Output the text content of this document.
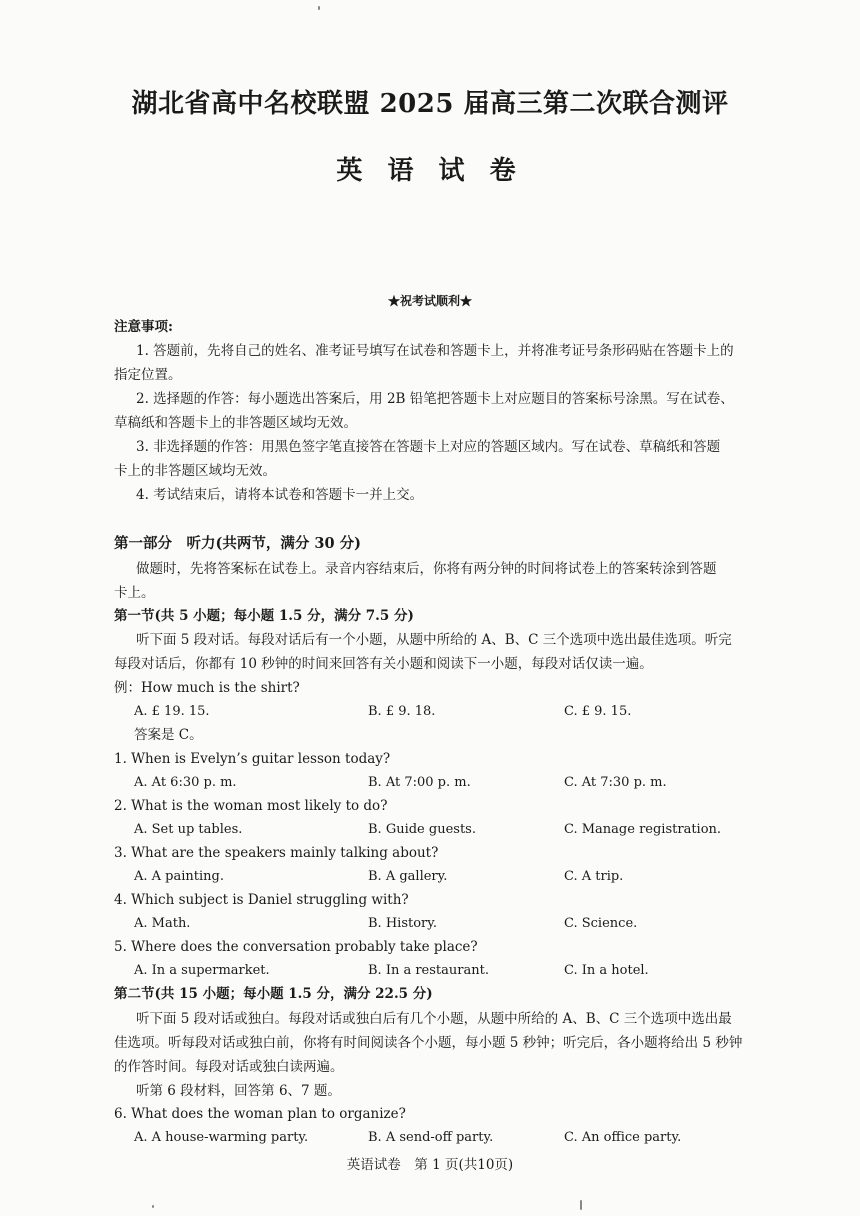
湖北省高中名校联盟 2025 届高三第二次联合测评
英 语 试 卷
★祝考试顺利★
注意事项:
1. 答题前，先将自己的姓名、准考证号填写在试卷和答题卡上，并将准考证号条形码贴在答题卡上的
指定位置。
2. 选择题的作答：每小题选出答案后，用 2B 铅笔把答题卡上对应题目的答案标号涂黑。写在试卷、
草稿纸和答题卡上的非答题区域均无效。
3. 非选择题的作答：用黑色签字笔直接答在答题卡上对应的答题区域内。写在试卷、草稿纸和答题
卡上的非答题区域均无效。
4. 考试结束后，请将本试卷和答题卡一并上交。
第一部分　听力(共两节，满分 30 分)
做题时，先将答案标在试卷上。录音内容结束后，你将有两分钟的时间将试卷上的答案转涂到答题
卡上。
第一节(共 5 小题；每小题 1.5 分，满分 7.5 分)
听下面 5 段对话。每段对话后有一个小题，从题中所给的 A、B、C 三个选项中选出最佳选项。听完
每段对话后，你都有 10 秒钟的时间来回答有关小题和阅读下一小题，每段对话仅读一遍。
例：How much is the shirt?
A. £ 19. 15.	B. £ 9. 18.	C. £ 9. 15.
答案是 C。
1. When is Evelyn’s guitar lesson today?
A. At 6:30 p. m.	B. At 7:00 p. m.	C. At 7:30 p. m.
2. What is the woman most likely to do?
A. Set up tables.	B. Guide guests.	C. Manage registration.
3. What are the speakers mainly talking about?
A. A painting.	B. A gallery.	C. A trip.
4. Which subject is Daniel struggling with?
A. Math.	B. History.	C. Science.
5. Where does the conversation probably take place?
A. In a supermarket.	B. In a restaurant.	C. In a hotel.
第二节(共 15 小题；每小题 1.5 分，满分 22.5 分)
听下面 5 段对话或独白。每段对话或独白后有几个小题，从题中所给的 A、B、C 三个选项中选出最
佳选项。听每段对话或独白前，你将有时间阅读各个小题，每小题 5 秒钟；听完后，各小题将给出 5 秒钟
的作答时间。每段对话或独白读两遍。
听第 6 段材料，回答第 6、7 题。
6. What does the woman plan to organize?
A. A house-warming party.	B. A send-off party.	C. An office party.
英语试卷　第 1 页(共10页)
